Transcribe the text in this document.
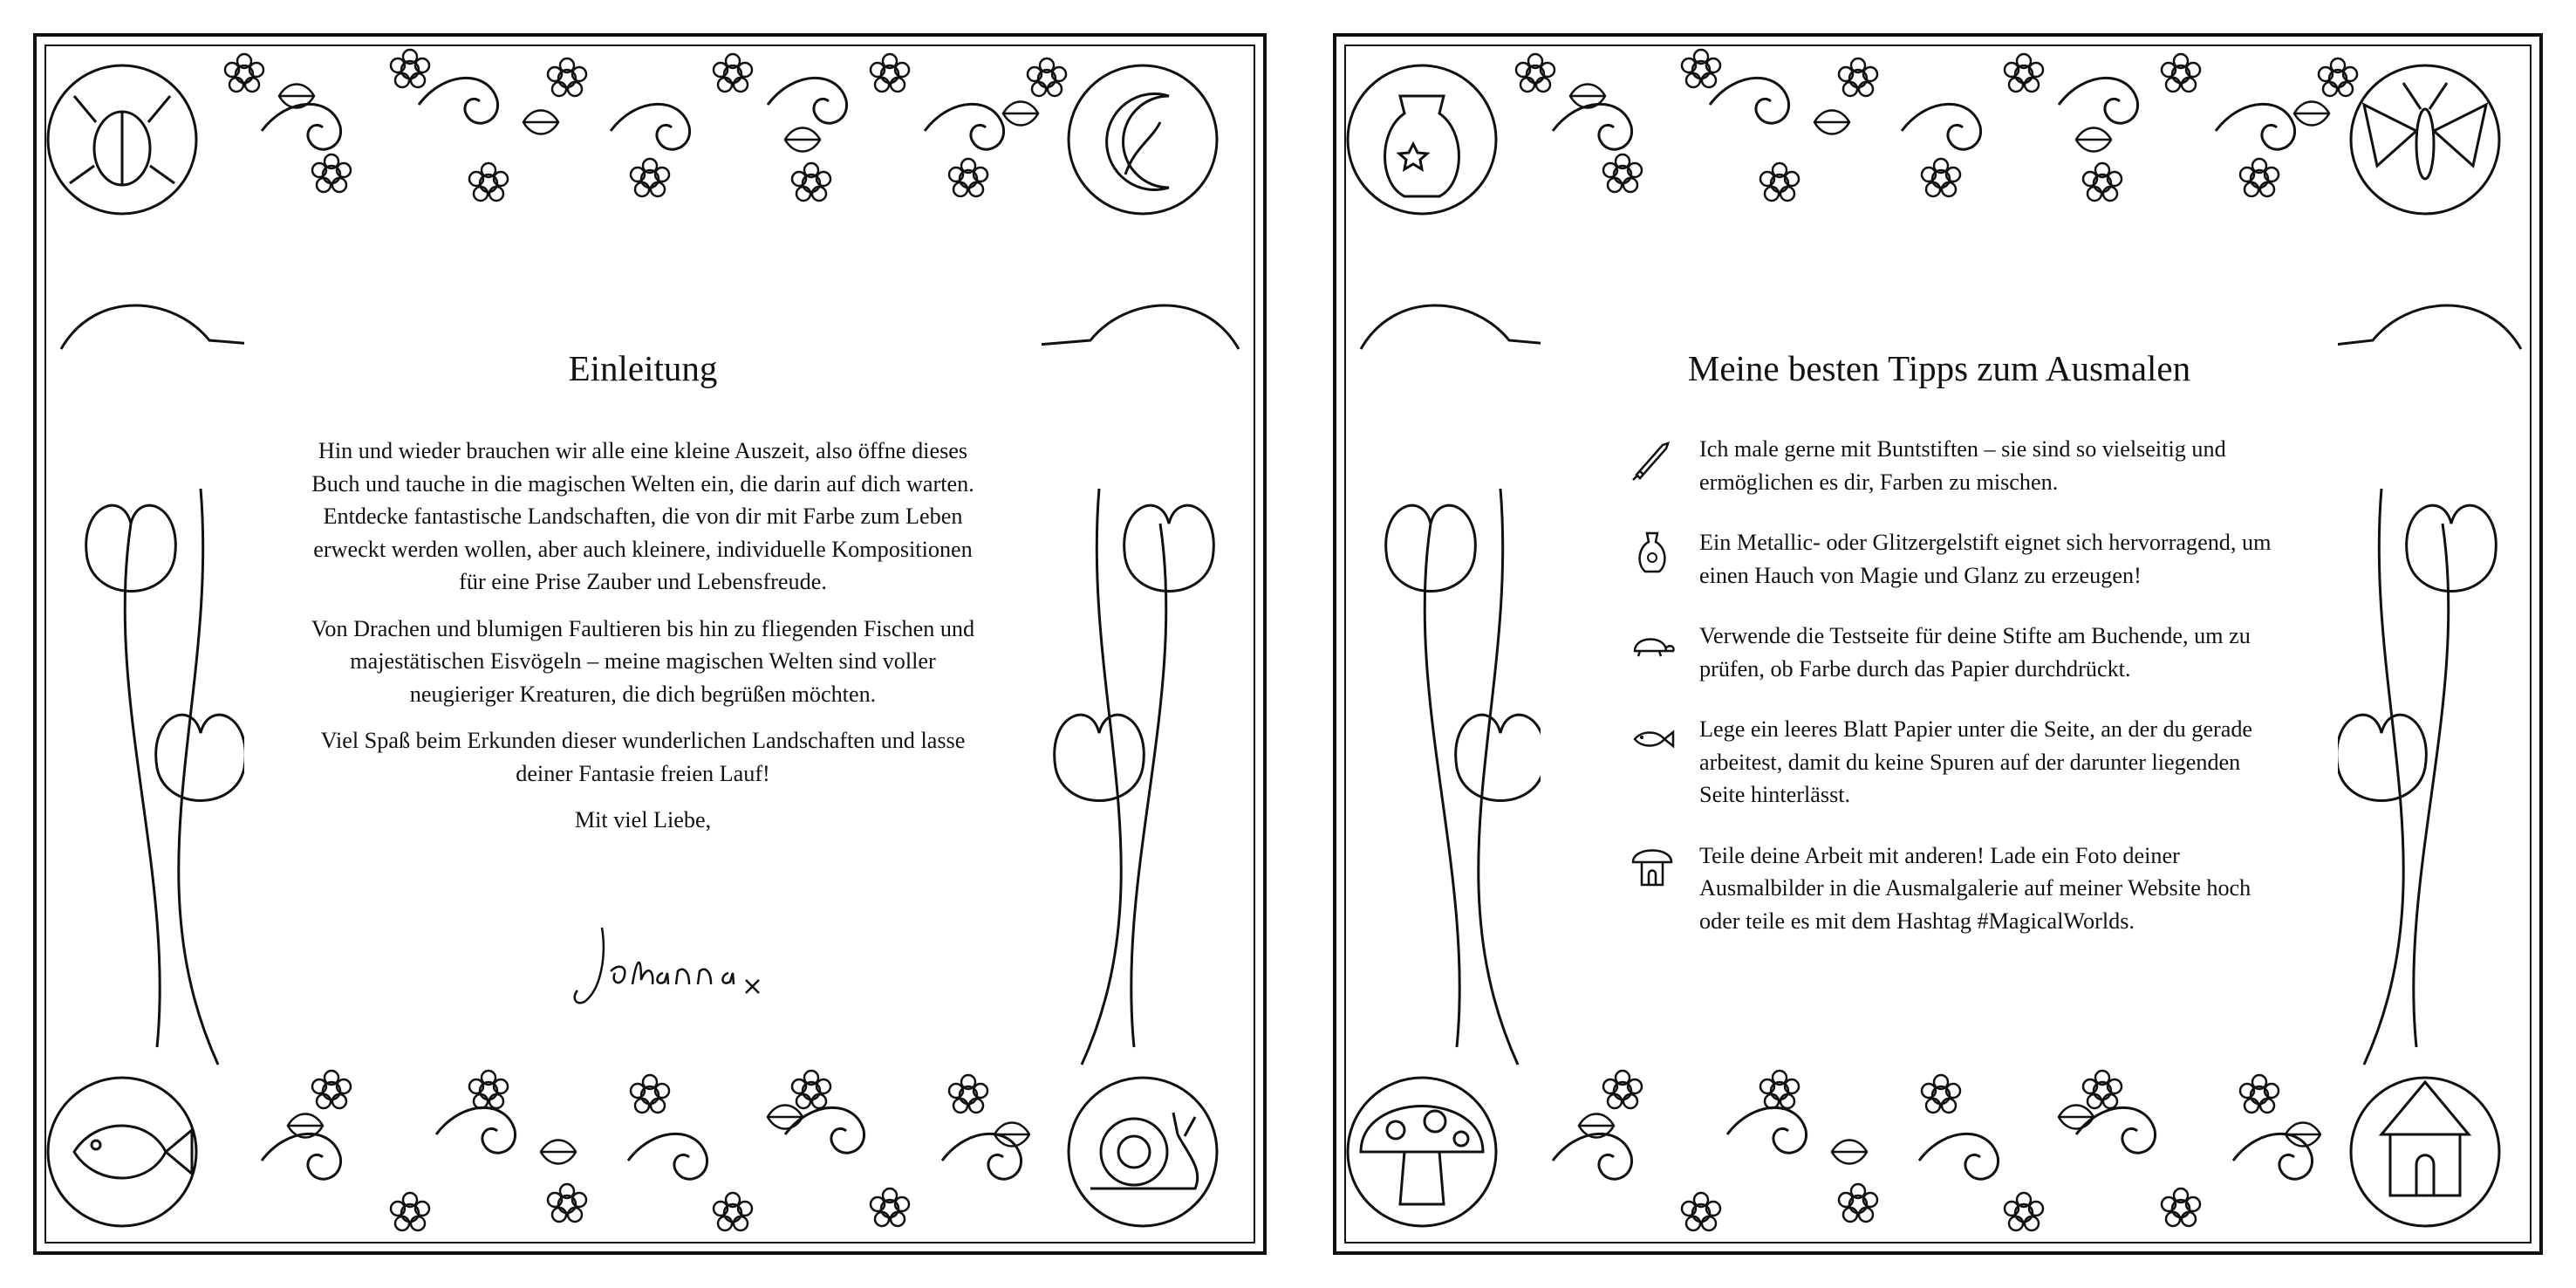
Einleitung

Hin und wieder brauchen wir alle eine kleine Auszeit, also öffne dieses Buch und tauche in die magischen Welten ein, die darin auf dich warten. Entdecke fantastische Landschaften, die von dir mit Farbe zum Leben erweckt werden wollen, aber auch kleinere, individuelle Kompositionen für eine Prise Zauber und Lebensfreude.

Von Drachen und blumigen Faultieren bis hin zu fliegenden Fischen und majestätischen Eisvögeln – meine magischen Welten sind voller neugieriger Kreaturen, die dich begrüßen möchten.

Viel Spaß beim Erkunden dieser wunderlichen Landschaften und lasse deiner Fantasie freien Lauf!

Mit viel Liebe,

Meine besten Tipps zum Ausmalen
Ich male gerne mit Buntstiften – sie sind so vielseitig und ermöglichen es dir, Farben zu mischen.
Ein Metallic- oder Glitzergelstift eignet sich hervorragend, um einen Hauch von Magie und Glanz zu erzeugen!
Verwende die Testseite für deine Stifte am Buchende, um zu prüfen, ob Farbe durch das Papier durchdrückt.
Lege ein leeres Blatt Papier unter die Seite, an der du gerade arbeitest, damit du keine Spuren auf der darunter liegenden Seite hinterlässt.
Teile deine Arbeit mit anderen! Lade ein Foto deiner Ausmalbilder in die Ausmalgalerie auf meiner Website hoch oder teile es mit dem Hashtag #MagicalWorlds.
